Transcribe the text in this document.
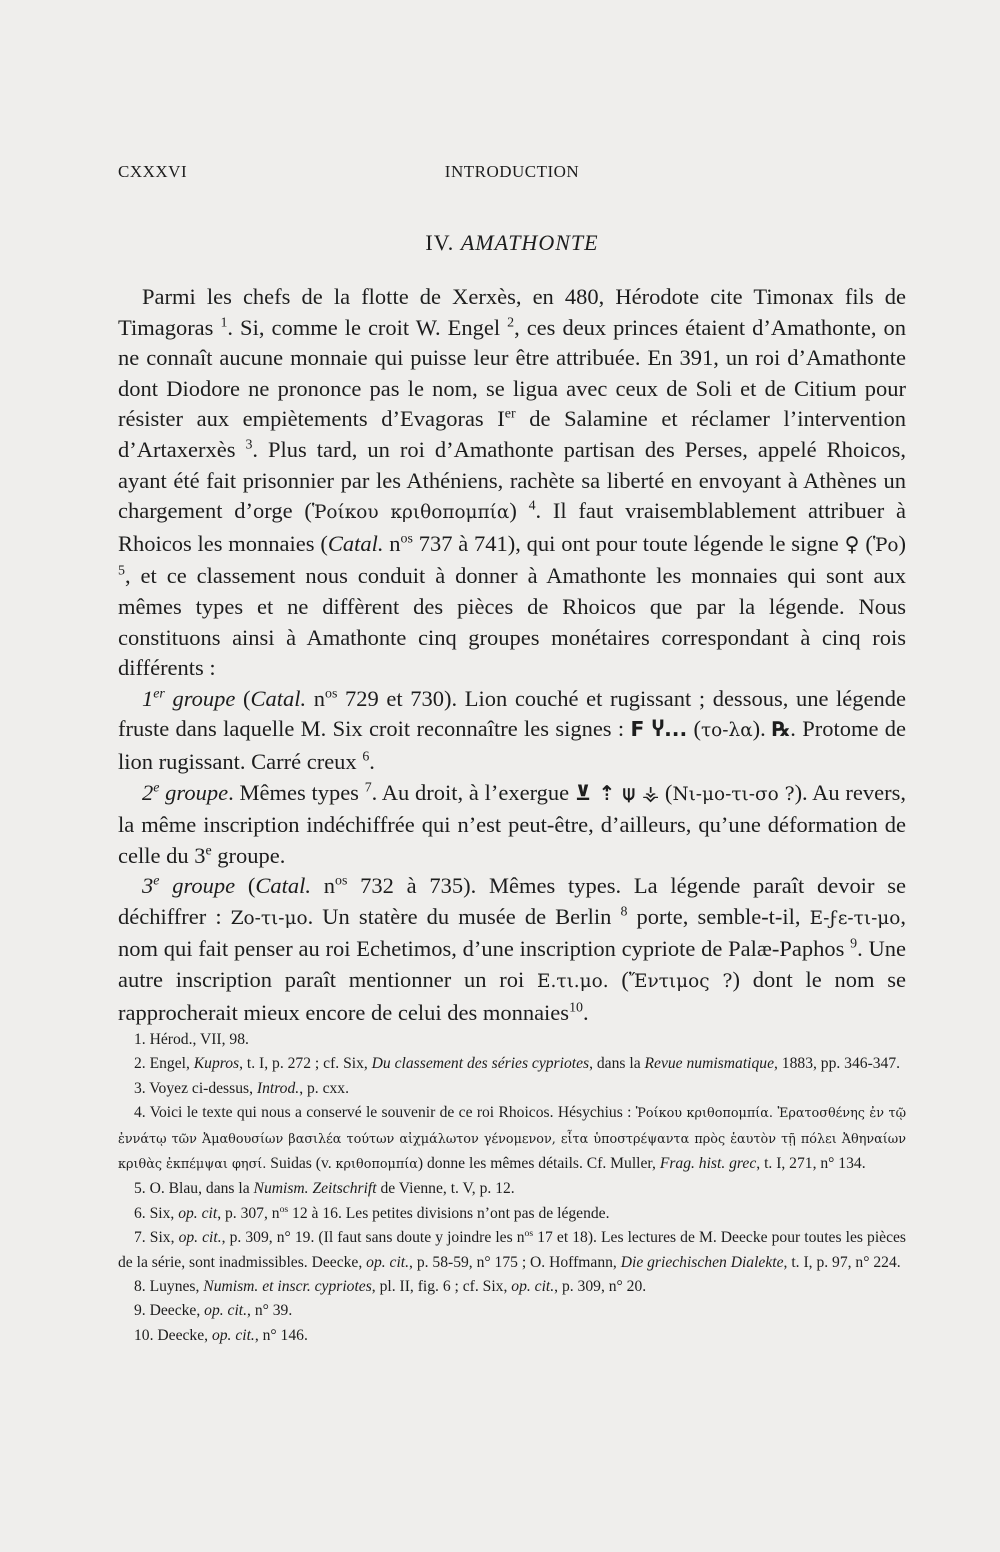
CXXXVI	INTRODUCTION
IV. AMATHONTE

Parmi les chefs de la flotte de Xerxès, en 480, Hérodote cite Timonax fils de Timagoras $^1$. Si, comme le croit W. Engel $^2$, ces deux princes étaient d’Amathonte, on ne connaît aucune monnaie qui puisse leur être attribuée. En 391, un roi d’Amathonte dont Diodore ne prononce pas le nom, se ligua avec ceux de Soli et de Citium pour résister aux empiètements d’Evagoras Ier de Salamine et réclamer l’intervention d’Artaxerxès $^3$. Plus tard, un roi d’Amathonte partisan des Perses, appelé Rhoicos, ayant été fait prisonnier par les Athéniens, rachète sa liberté en envoyant à Athènes un chargement d’orge (Ῥοίκου κριθοπομπία) $^4$. Il faut vraisemblablement attribuer à Rhoicos les monnaies (Catal. $n^{os}$ 737 à 741), qui ont pour toute légende le signe ♀ (Ῥο) $^5$, et ce classement nous conduit à donner à Amathonte les monnaies qui sont aux mêmes types et ne diffèrent des pièces de Rhoicos que par la légende. Nous constituons ainsi à Amathonte cinq groupes monétaires correspondant à cinq rois différents :

1er groupe (Catal. $n^{os}$ 729 et 730). Lion couché et rugissant ; dessous, une légende fruste dans laquelle M. Six croit reconnaître les signes : F Ⴤ... (το-λα). ℞. Protome de lion rugissant. Carré creux $^6$.

2e groupe. Mêmes types $^7$. Au droit, à l’exergue ⊻ ⇡ ⍦ ⚶ (Νι-μο-τι-σο ?). Au revers, la même inscription indéchiffrée qui n’est peut-être, d’ailleurs, qu’une déformation de celle du 3e groupe.

3e groupe (Catal. $n^{os}$ 732 à 735). Mêmes types. La légende paraît devoir se déchiffrer : Ζο-τι-μο. Un statère du musée de Berlin $^8$ porte, semble-t-il, Ε-ϝε-τι-μο, nom qui fait penser au roi Echetimos, d’une inscription cypriote de Palæ-Paphos $^9$. Une autre inscription paraît mentionner un roi Ε.τι.μο. (Ἔντιμος ?) dont le nom se rapprocherait mieux encore de celui des monnaies$^{10}$.

1. Hérod., VII, 98.

2. Engel, Kupros, t. I, p. 272 ; cf. Six, Du classement des séries cypriotes, dans la Revue numismatique, 1883, pp. 346-347.

3. Voyez ci-dessus, Introd., p. cxx.

4. Voici le texte qui nous a conservé le souvenir de ce roi Rhoicos. Hésychius : Ῥοίκου κριθοπομπία. Ἐρατοσθένης ἐν τῷ ἐννάτῳ τῶν Ἀμαθουσίων βασιλέα τούτων αἰχμάλωτον γένομενον, εἶτα ὑποστρέψαντα πρὸς ἑαυτὸν τῇ πόλει Ἀθηναίων κριθὰς ἐκπέμψαι φησί. Suidas (v. κριθοπομπία) donne les mêmes détails. Cf. Muller, Frag. hist. grec, t. I, 271, n° 134.

5. O. Blau, dans la Numism. Zeitschrift de Vienne, t. V, p. 12.

6. Six, op. cit, p. 307, $n^{os}$ 12 à 16. Les petites divisions n’ont pas de légende.

7. Six, op. cit., p. 309, n° 19. (Il faut sans doute y joindre les $n^{os}$ 17 et 18). Les lectures de M. Deecke pour toutes les pièces de la série, sont inadmissibles. Deecke, op. cit., p. 58-59, n° 175 ; O. Hoffmann, Die griechischen Dialekte, t. I, p. 97, n° 224.

8. Luynes, Numism. et inscr. cypriotes, pl. II, fig. 6 ; cf. Six, op. cit., p. 309, n° 20.

9. Deecke, op. cit., n° 39.

10. Deecke, op. cit., n° 146.
